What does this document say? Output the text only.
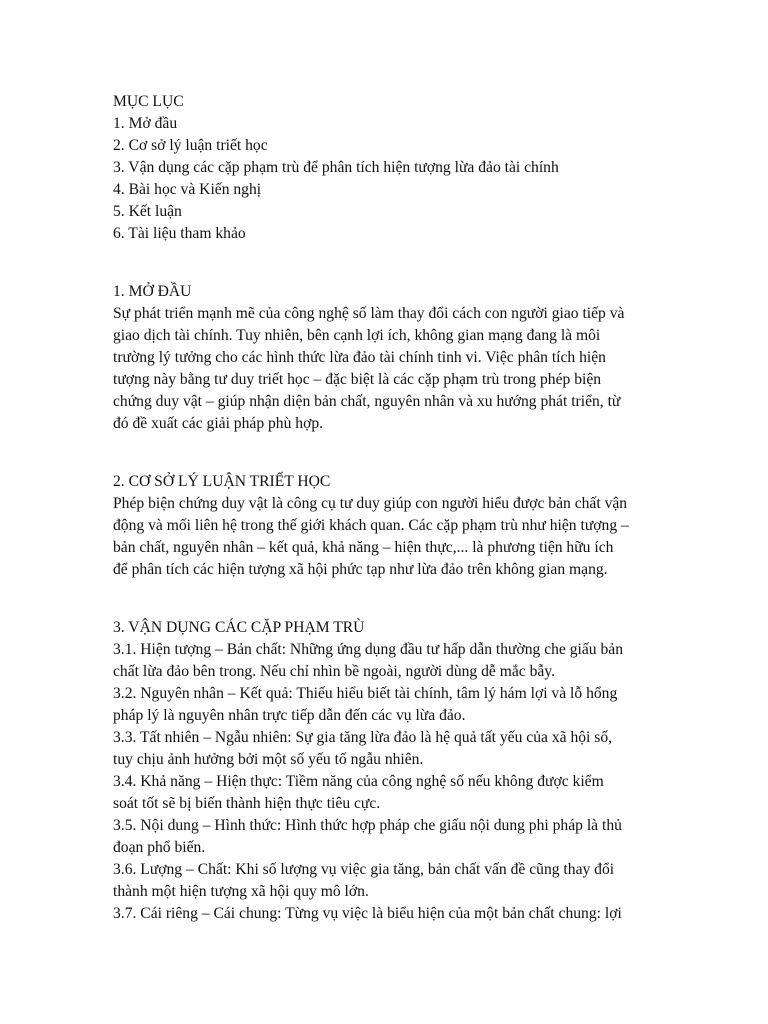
MỤC LỤC
1. Mở đầu
2. Cơ sở lý luận triết học
3. Vận dụng các cặp phạm trù để phân tích hiện tượng lừa đảo tài chính
4. Bài học và Kiến nghị
5. Kết luận
6. Tài liệu tham khảo
1. MỞ ĐẦU
Sự phát triển mạnh mẽ của công nghệ số làm thay đổi cách con người giao tiếp và
giao dịch tài chính. Tuy nhiên, bên cạnh lợi ích, không gian mạng đang là môi
trường lý tưởng cho các hình thức lừa đảo tài chính tinh vi. Việc phân tích hiện
tượng này bằng tư duy triết học – đặc biệt là các cặp phạm trù trong phép biện
chứng duy vật – giúp nhận diện bản chất, nguyên nhân và xu hướng phát triển, từ
đó đề xuất các giải pháp phù hợp.
2. CƠ SỞ LÝ LUẬN TRIẾT HỌC
Phép biện chứng duy vật là công cụ tư duy giúp con người hiểu được bản chất vận
động và mối liên hệ trong thế giới khách quan. Các cặp phạm trù như hiện tượng –
bản chất, nguyên nhân – kết quả, khả năng – hiện thực,... là phương tiện hữu ích
để phân tích các hiện tượng xã hội phức tạp như lừa đảo trên không gian mạng.
3. VẬN DỤNG CÁC CẶP PHẠM TRÙ
3.1. Hiện tượng – Bản chất: Những ứng dụng đầu tư hấp dẫn thường che giấu bản
chất lừa đảo bên trong. Nếu chỉ nhìn bề ngoài, người dùng dễ mắc bẫy.
3.2. Nguyên nhân – Kết quả: Thiếu hiểu biết tài chính, tâm lý hám lợi và lỗ hổng
pháp lý là nguyên nhân trực tiếp dẫn đến các vụ lừa đảo.
3.3. Tất nhiên – Ngẫu nhiên: Sự gia tăng lừa đảo là hệ quả tất yếu của xã hội số,
tuy chịu ảnh hưởng bởi một số yếu tố ngẫu nhiên.
3.4. Khả năng – Hiện thực: Tiềm năng của công nghệ số nếu không được kiểm
soát tốt sẽ bị biến thành hiện thực tiêu cực.
3.5. Nội dung – Hình thức: Hình thức hợp pháp che giấu nội dung phi pháp là thủ
đoạn phổ biến.
3.6. Lượng – Chất: Khi số lượng vụ việc gia tăng, bản chất vấn đề cũng thay đổi
thành một hiện tượng xã hội quy mô lớn.
3.7. Cái riêng – Cái chung: Từng vụ việc là biểu hiện của một bản chất chung: lợi
